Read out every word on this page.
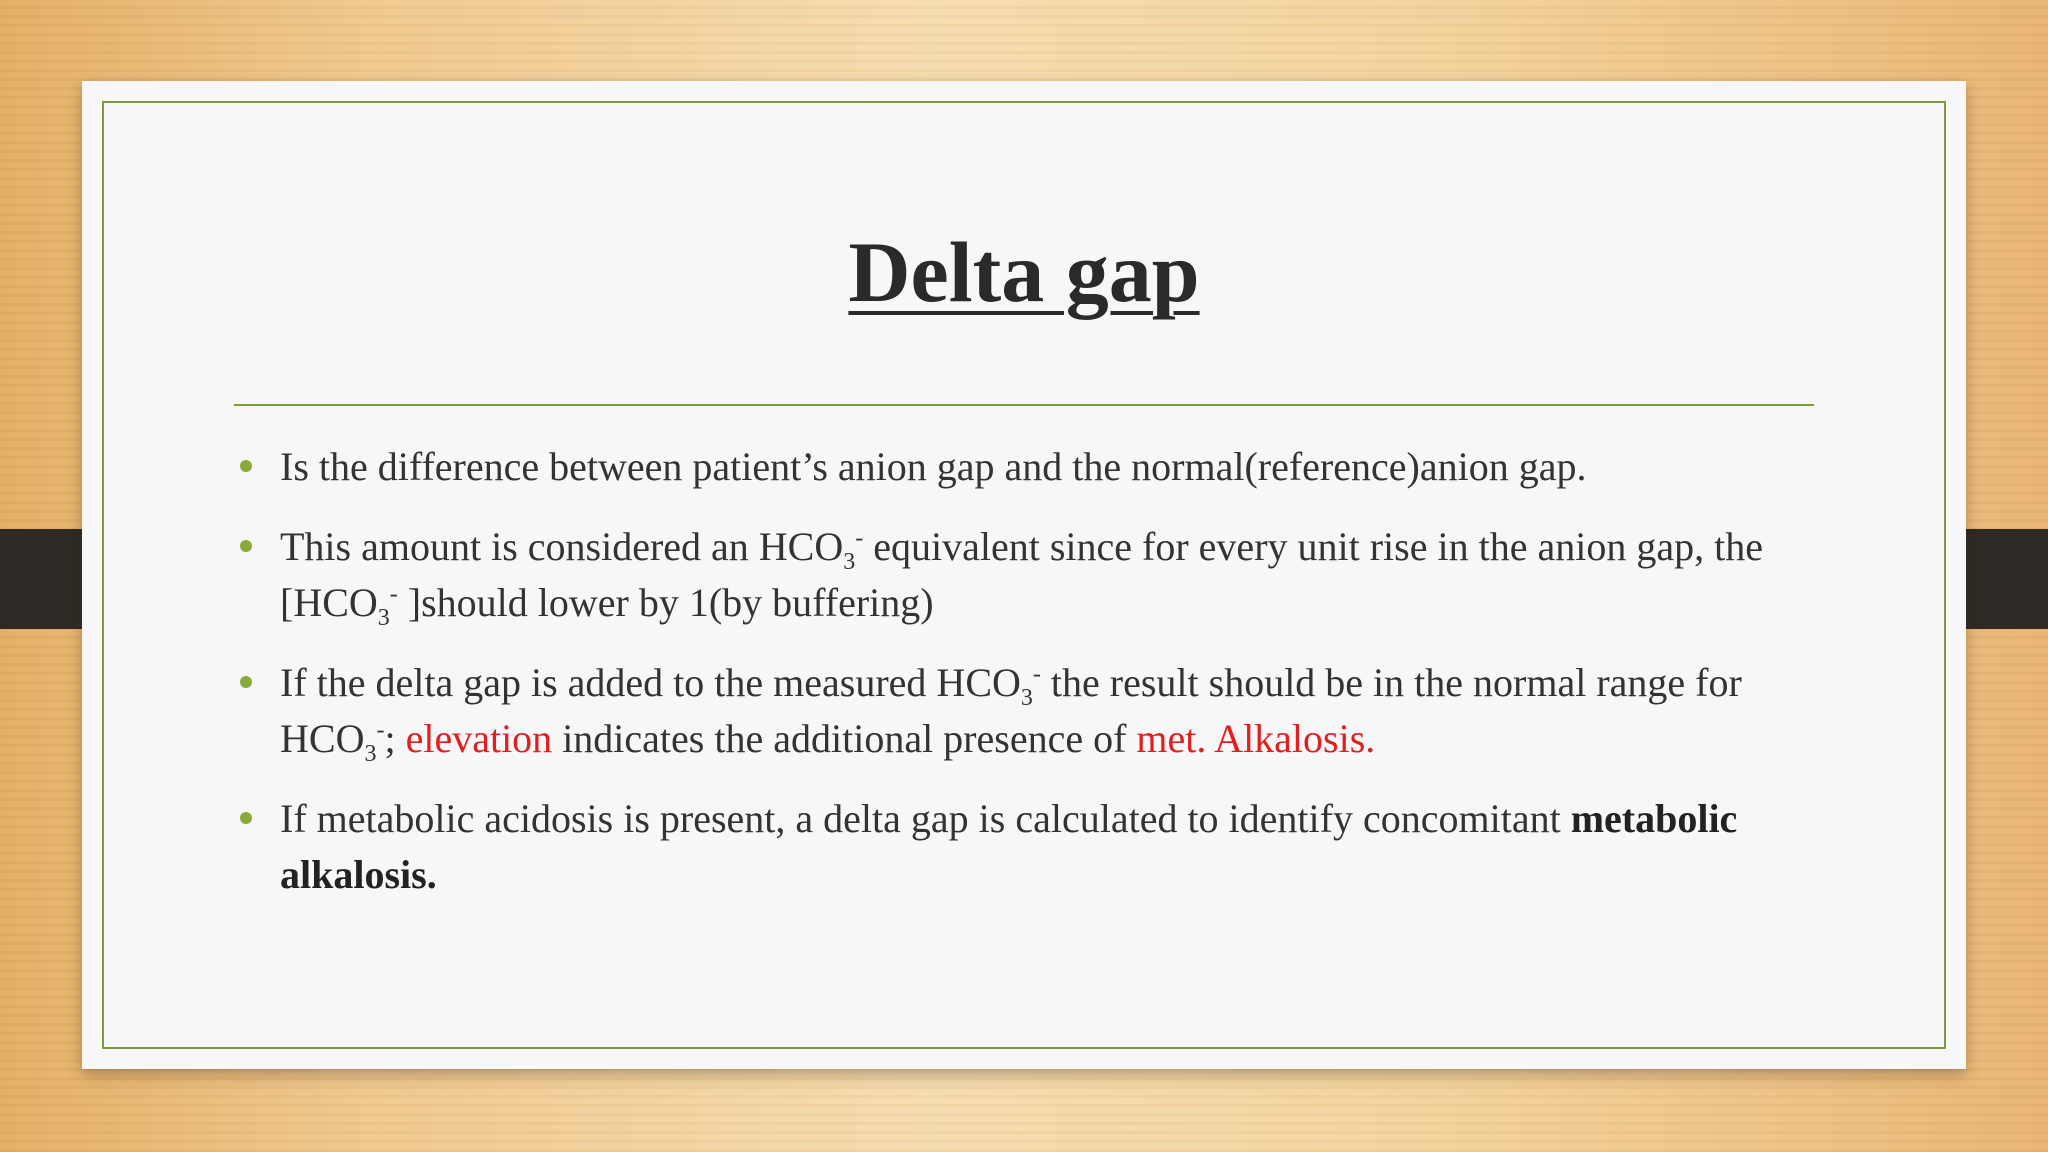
Delta gap
Is the difference between patient’s anion gap and the normal(reference)anion gap.
This amount is considered an $HCO_3^-$ equivalent since for every unit rise in the anion gap, the [$HCO_3^-$ ]should lower by 1(by buffering)
If the delta gap is added to the measured $HCO_3^-$ the result should be in the normal range for $HCO_3^-$; elevation indicates the additional presence of met. Alkalosis.
If metabolic acidosis is present, a delta gap is calculated to identify concomitant metabolic alkalosis.
